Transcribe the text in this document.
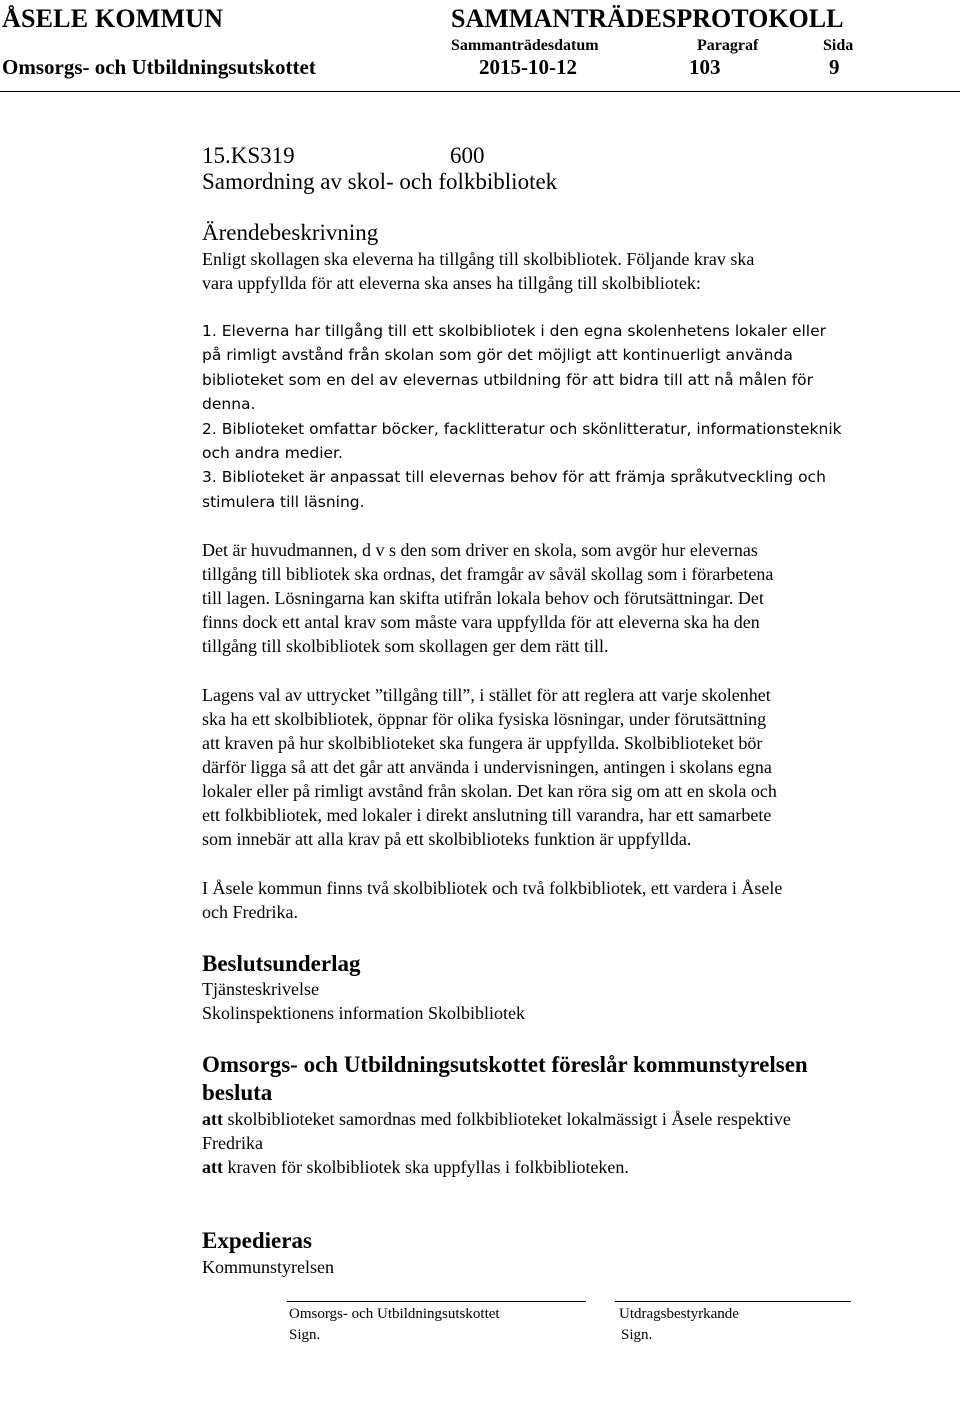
ÅSELE KOMMUN	SAMMANTRÄDESPROTOKOLL
Sammanträdesdatum	Paragraf	Sida
Omsorgs- och Utbildningsutskottet	2015-10-12	103	9
15.KS319	600
Samordning av skol- och folkbibliotek
Ärendebeskrivning
Enligt skollagen ska eleverna ha tillgång till skolbibliotek. Följande krav ska
vara uppfyllda för att eleverna ska anses ha tillgång till skolbibliotek:
1. Eleverna har tillgång till ett skolbibliotek i den egna skolenhetens lokaler eller
på rimligt avstånd från skolan som gör det möjligt att kontinuerligt använda
biblioteket som en del av elevernas utbildning för att bidra till att nå målen för
denna.
2. Biblioteket omfattar böcker, facklitteratur och skönlitteratur, informationsteknik
och andra medier.
3. Biblioteket är anpassat till elevernas behov för att främja språkutveckling och
stimulera till läsning.
Det är huvudmannen, d v s den som driver en skola, som avgör hur elevernas
tillgång till bibliotek ska ordnas, det framgår av såväl skollag som i förarbetena
till lagen. Lösningarna kan skifta utifrån lokala behov och förutsättningar. Det
finns dock ett antal krav som måste vara uppfyllda för att eleverna ska ha den
tillgång till skolbibliotek som skollagen ger dem rätt till.
Lagens val av uttrycket ”tillgång till”, i stället för att reglera att varje skolenhet
ska ha ett skolbibliotek, öppnar för olika fysiska lösningar, under förutsättning
att kraven på hur skolbiblioteket ska fungera är uppfyllda. Skolbiblioteket bör
därför ligga så att det går att använda i undervisningen, antingen i skolans egna
lokaler eller på rimligt avstånd från skolan. Det kan röra sig om att en skola och
ett folkbibliotek, med lokaler i direkt anslutning till varandra, har ett samarbete
som innebär att alla krav på ett skolbiblioteks funktion är uppfyllda.
I Åsele kommun finns två skolbibliotek och två folkbibliotek, ett vardera i Åsele
och Fredrika.
Beslutsunderlag
Tjänsteskrivelse
Skolinspektionens information Skolbibliotek
Omsorgs- och Utbildningsutskottet föreslår kommunstyrelsen
besluta
att skolbiblioteket samordnas med folkbiblioteket lokalmässigt i Åsele respektive
Fredrika
att kraven för skolbibliotek ska uppfyllas i folkbiblioteken.
Expedieras
Kommunstyrelsen
Omsorgs- och Utbildningsutskottet
Sign.
Utdragsbestyrkande
Sign.
